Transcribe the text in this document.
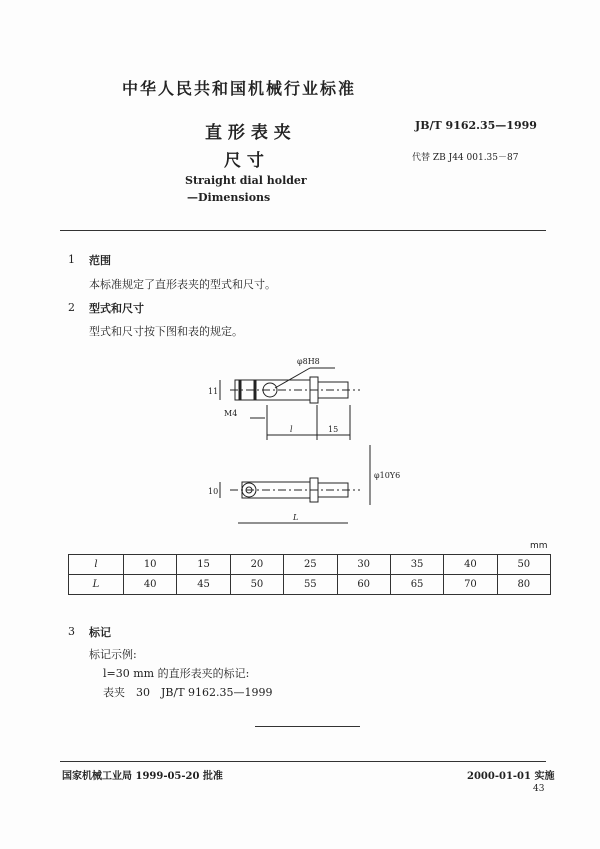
中华人民共和国机械行业标准
直 形 表 夹
尺 寸
Straight dial holder
—Dimensions
JB/T 9162.35—1999
代替 ZB J44 001.35－87
1 范围
本标准规定了直形表夹的型式和尺寸。
2 型式和尺寸
型式和尺寸按下图和表的规定。
φ8H8
11
M4
l	15
φ10Y6
10
L
mm
l	10	15	20	25	30	35	40	50
L	40	45	50	55	60	65	70	80
3 标记
标记示例:
l=30 mm 的直形表夹的标记:
表夹　30　JB/T 9162.35—1999
国家机械工业局 1999-05-20 批准	2000-01-01 实施
43
